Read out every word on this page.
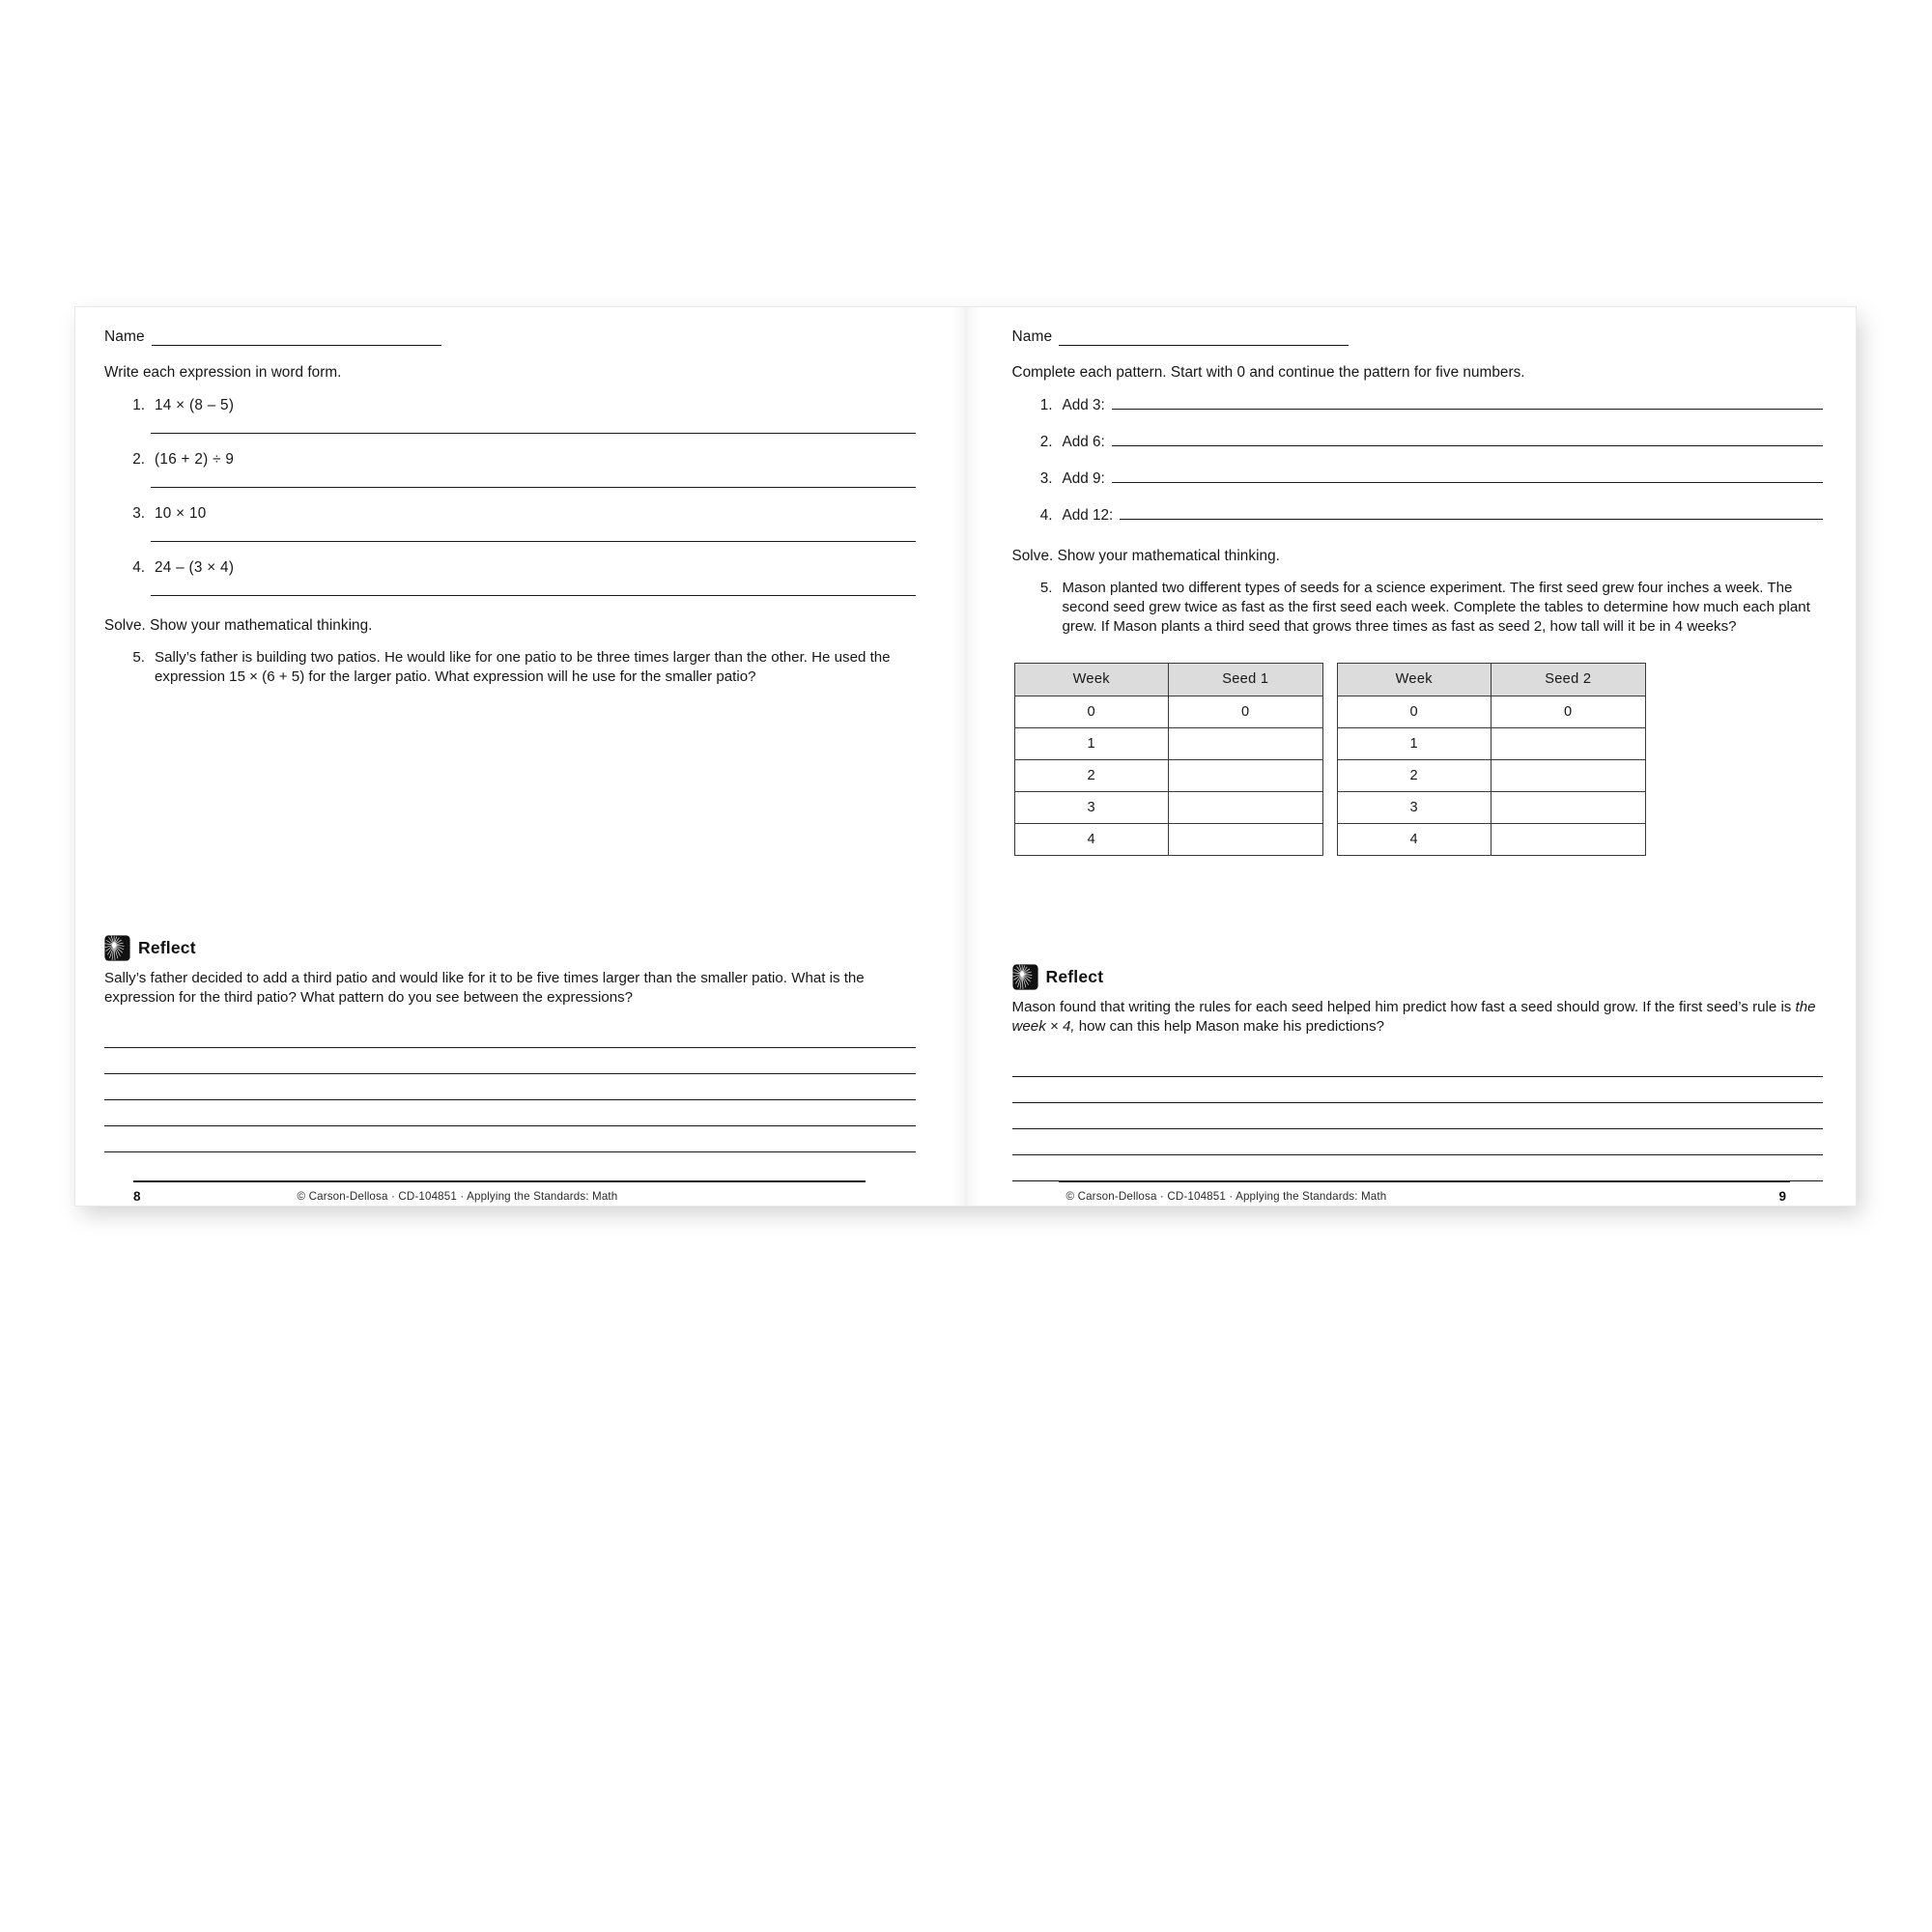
Name
Write each expression in word form.
1. 14 × (8 – 5)
2. (16 + 2) ÷ 9
3. 10 × 10
4. 24 – (3 × 4)
Solve. Show your mathematical thinking.
5. Sally’s father is building two patios. He would like for one patio to be three times larger than the other. He used the expression 15 × (6 + 5) for the larger patio. What expression will he use for the smaller patio?
Reflect
Sally’s father decided to add a third patio and would like for it to be five times larger than the smaller patio. What is the expression for the third patio? What pattern do you see between the expressions?
8	© Carson-Dellosa · CD-104851 · Applying the Standards: Math
Name
Complete each pattern. Start with 0 and continue the pattern for five numbers.
1. Add 3:
2. Add 6:
3. Add 9:
4. Add 12:
Solve. Show your mathematical thinking.
5. Mason planted two different types of seeds for a science experiment. The first seed grew four inches a week. The second seed grew twice as fast as the first seed each week. Complete the tables to determine how much each plant grew. If Mason plants a third seed that grows three times as fast as seed 2, how tall will it be in 4 weeks?
Week	Seed 1
0	0
1	
2	
3	
4	
Week	Seed 2
0	0
1	
2	
3	
4	
Reflect
Mason found that writing the rules for each seed helped him predict how fast a seed should grow. If the first seed’s rule is the week × 4, how can this help Mason make his predictions?
© Carson-Dellosa · CD-104851 · Applying the Standards: Math	9
